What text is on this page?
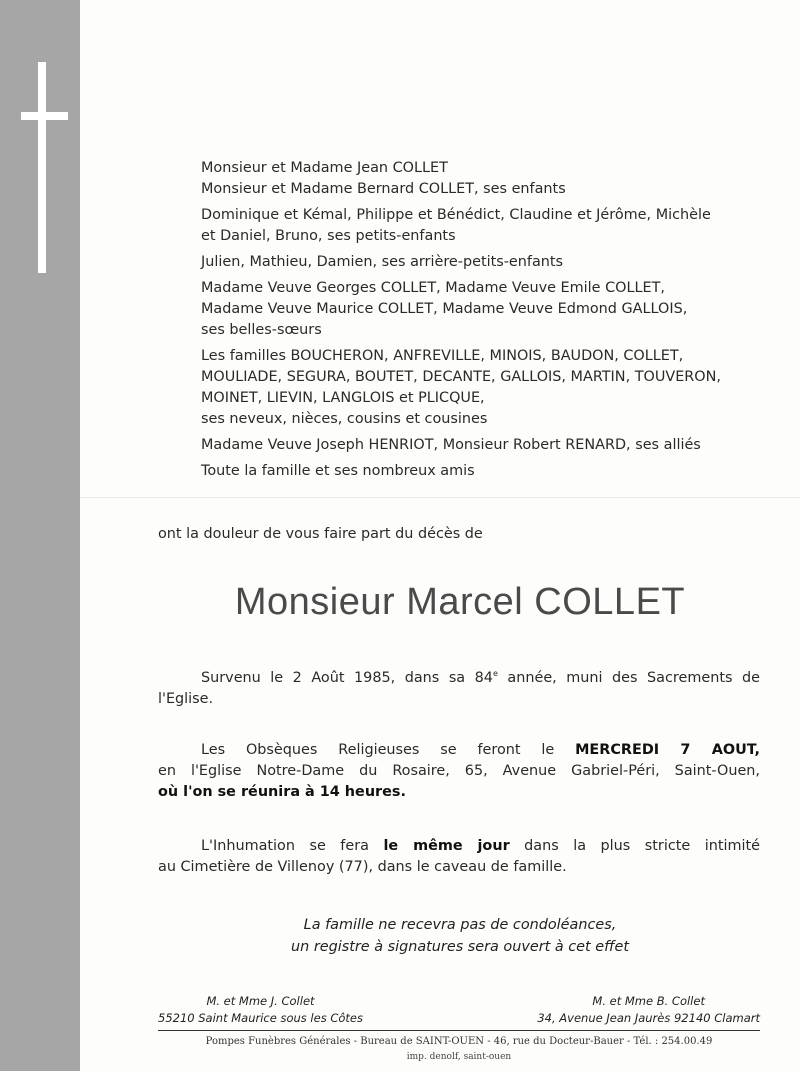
Monsieur et Madame Jean COLLET
Monsieur et Madame Bernard COLLET, ses enfants
Dominique et Kémal, Philippe et Bénédict, Claudine et Jérôme, Michèle
et Daniel, Bruno, ses petits-enfants
Julien, Mathieu, Damien, ses arrière-petits-enfants
Madame Veuve Georges COLLET, Madame Veuve Emile COLLET,
Madame Veuve Maurice COLLET, Madame Veuve Edmond GALLOIS,
ses belles-sœurs
Les familles BOUCHERON, ANFREVILLE, MINOIS, BAUDON, COLLET,
MOULIADE, SEGURA, BOUTET, DECANTE, GALLOIS, MARTIN, TOUVERON,
MOINET, LIEVIN, LANGLOIS et PLICQUE,
ses neveux, nièces, cousins et cousines
Madame Veuve Joseph HENRIOT, Monsieur Robert RENARD, ses alliés
Toute la famille et ses nombreux amis
ont la douleur de vous faire part du décès de
Monsieur Marcel COLLET
Survenu le 2 Août 1985, dans sa 84e année, muni des Sacrements de
l'Eglise.
Les Obsèques Religieuses se feront le MERCREDI 7 AOUT,
en l'Eglise Notre-Dame du Rosaire, 65, Avenue Gabriel-Péri, Saint-Ouen,
où l'on se réunira à 14 heures.
L'Inhumation se fera le même jour dans la plus stricte intimité
au Cimetière de Villenoy (77), dans le caveau de famille.
La famille ne recevra pas de condoléances,
un registre à signatures sera ouvert à cet effet
M. et Mme J. Collet
55210 Saint Maurice sous les Côtes
M. et Mme B. Collet
34, Avenue Jean Jaurès 92140 Clamart
Pompes Funèbres Générales - Bureau de SAINT-OUEN - 46, rue du Docteur-Bauer - Tél. : 254.00.49
imp. denolf, saint-ouen
